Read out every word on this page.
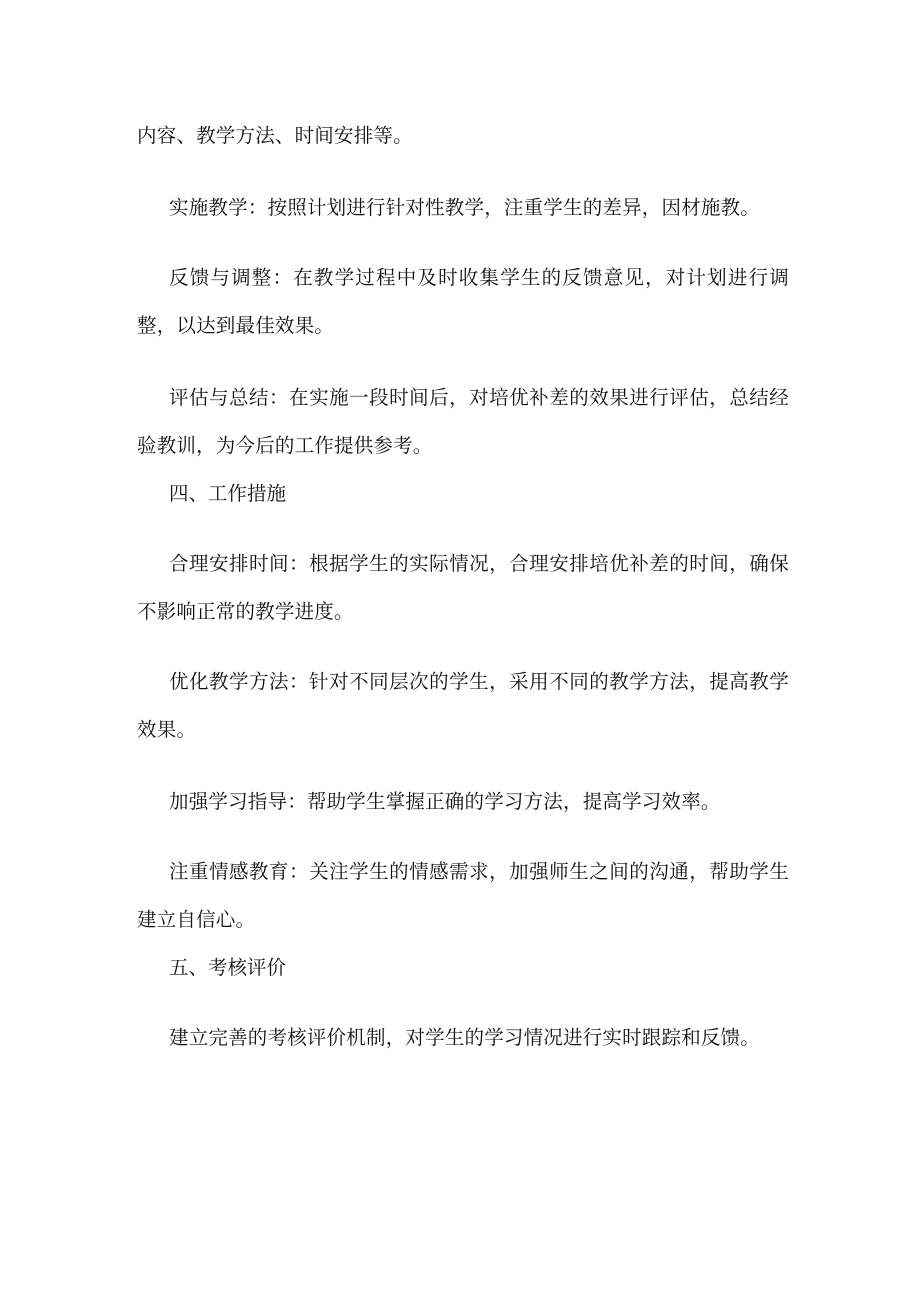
内容、教学方法、时间安排等。

实施教学：按照计划进行针对性教学，注重学生的差异，因材施教。

反馈与调整：在教学过程中及时收集学生的反馈意见，对计划进行调整，以达到最佳效果。

评估与总结：在实施一段时间后，对培优补差的效果进行评估，总结经验教训，为今后的工作提供参考。

四、工作措施

合理安排时间：根据学生的实际情况，合理安排培优补差的时间，确保不影响正常的教学进度。

优化教学方法：针对不同层次的学生，采用不同的教学方法，提高教学效果。

加强学习指导：帮助学生掌握正确的学习方法，提高学习效率。

注重情感教育：关注学生的情感需求，加强师生之间的沟通，帮助学生建立自信心。

五、考核评价

建立完善的考核评价机制，对学生的学习情况进行实时跟踪和反馈。
